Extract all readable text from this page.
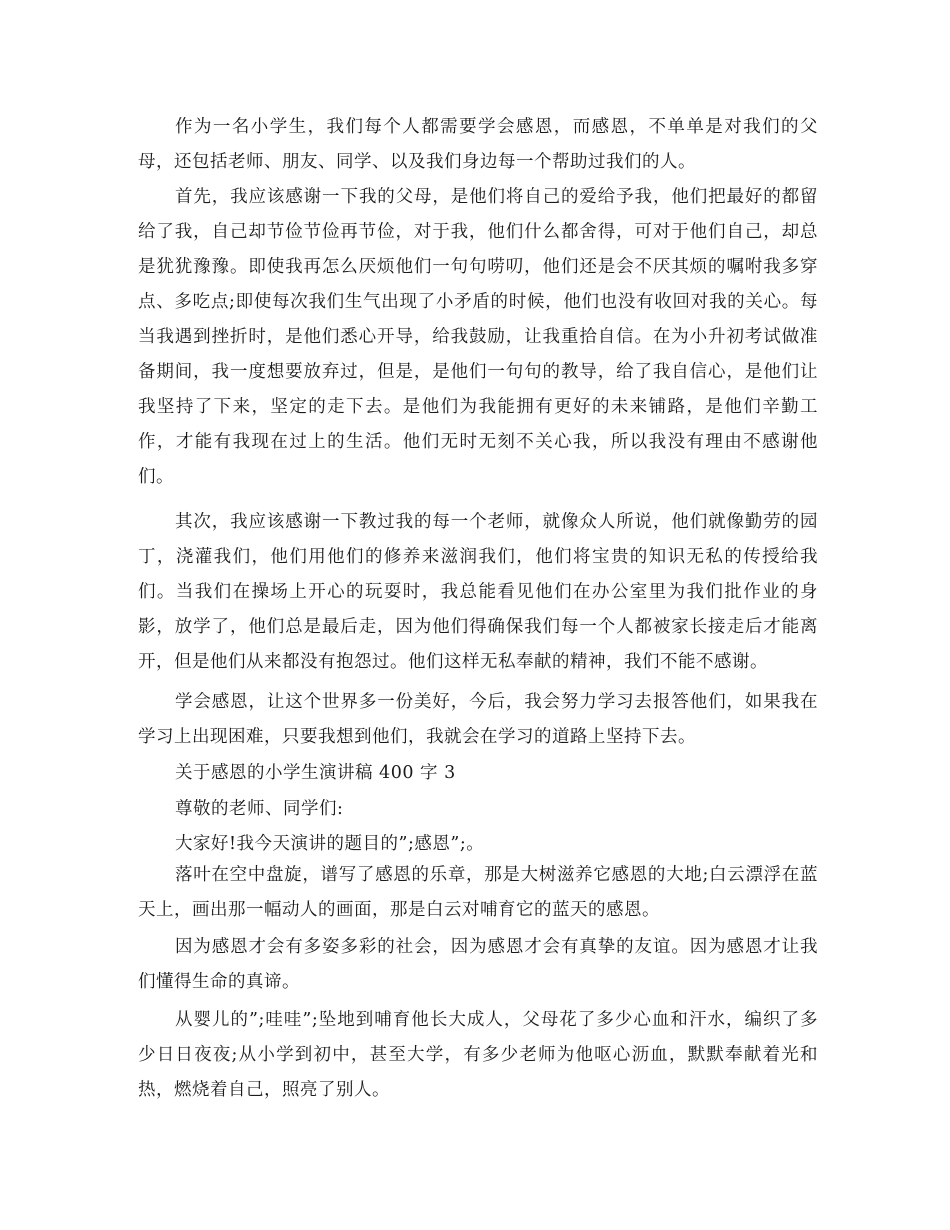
作为一名小学生，我们每个人都需要学会感恩，而感恩，不单单是对我们的父母，还包括老师、朋友、同学、以及我们身边每一个帮助过我们的人。

首先，我应该感谢一下我的父母，是他们将自己的爱给予我，他们把最好的都留给了我，自己却节俭节俭再节俭，对于我，他们什么都舍得，可对于他们自己，却总是犹犹豫豫。即使我再怎么厌烦他们一句句唠叨，他们还是会不厌其烦的嘱咐我多穿点、多吃点;即使每次我们生气出现了小矛盾的时候，他们也没有收回对我的关心。每当我遇到挫折时，是他们悉心开导，给我鼓励，让我重拾自信。在为小升初考试做准备期间，我一度想要放弃过，但是，是他们一句句的教导，给了我自信心，是他们让我坚持了下来，坚定的走下去。是他们为我能拥有更好的未来铺路，是他们辛勤工作，才能有我现在过上的生活。他们无时无刻不关心我，所以我没有理由不感谢他们。

其次，我应该感谢一下教过我的每一个老师，就像众人所说，他们就像勤劳的园丁，浇灌我们，他们用他们的修养来滋润我们，他们将宝贵的知识无私的传授给我们。当我们在操场上开心的玩耍时，我总能看见他们在办公室里为我们批作业的身影，放学了，他们总是最后走，因为他们得确保我们每一个人都被家长接走后才能离开，但是他们从来都没有抱怨过。他们这样无私奉献的精神，我们不能不感谢。

学会感恩，让这个世界多一份美好，今后，我会努力学习去报答他们，如果我在学习上出现困难，只要我想到他们，我就会在学习的道路上坚持下去。

关于感恩的小学生演讲稿 400 字 3

尊敬的老师、同学们:

大家好!我今天演讲的题目的”;感恩”;。

落叶在空中盘旋，谱写了感恩的乐章，那是大树滋养它感恩的大地;白云漂浮在蓝天上，画出那一幅动人的画面，那是白云对哺育它的蓝天的感恩。

因为感恩才会有多姿多彩的社会，因为感恩才会有真挚的友谊。因为感恩才让我们懂得生命的真谛。

从婴儿的”;哇哇”;坠地到哺育他长大成人，父母花了多少心血和汗水，编织了多少日日夜夜;从小学到初中，甚至大学，有多少老师为他呕心沥血，默默奉献着光和热，燃烧着自己，照亮了别人。
